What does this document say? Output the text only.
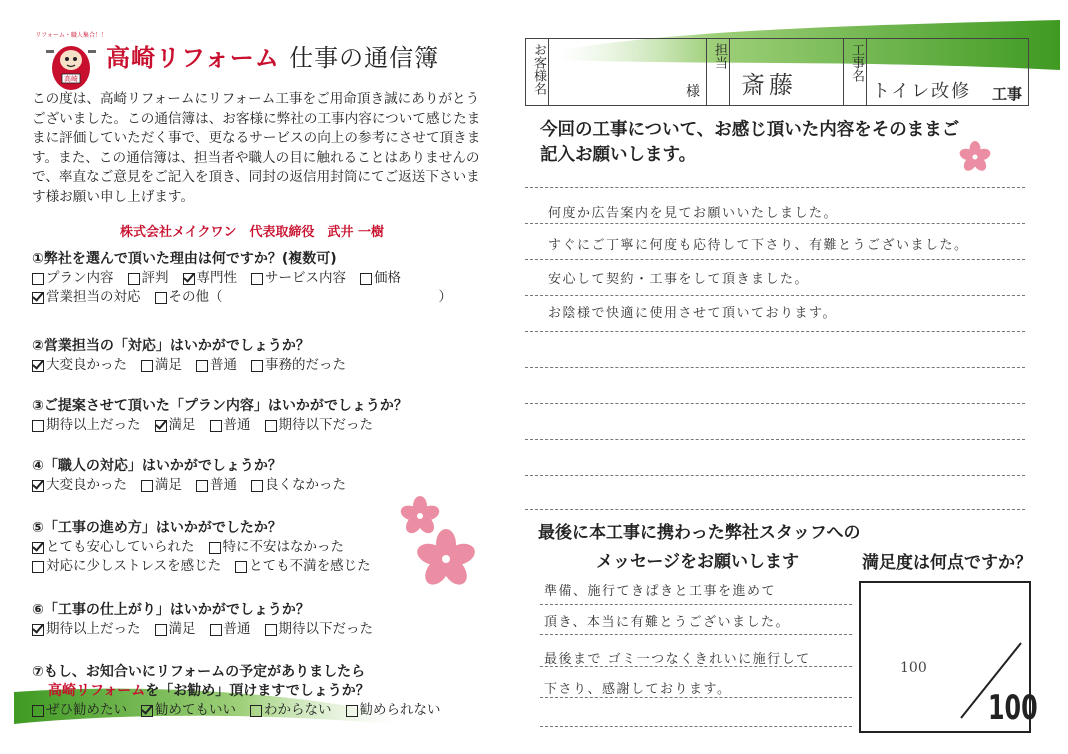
リフォーム・職人集合！！
高崎
高崎リフォーム 仕事の通信簿
この度は、高崎リフォームにリフォーム工事をご用命頂き誠にありがとう
ございました。この通信簿は、お客様に弊社の工事内容について感じたま
まに評価していただく事で、更なるサービスの向上の参考にさせて頂きま
す。また、この通信簿は、担当者や職人の目に触れることはありませんの
で、率直なご意見をご記入を頂き、同封の返信用封筒にてご返送下さいま
す様お願い申し上げます。
株式会社メイクワン　代表取締役　武井 一樹
①弊社を選んで頂いた理由は何ですか？(複数可)
プラン内容 評判 専門性 サービス内容 価格
営業担当の対応 その他（　　　　　　　　　　　　　　　　）
②営業担当の「対応」はいかがでしょうか？
大変良かった 満足 普通 事務的だった
③ご提案させて頂いた「プラン内容」はいかがでしょうか？
期待以上だった 満足 普通 期待以下だった
④「職人の対応」はいかがでしょうか？
大変良かった 満足 普通 良くなかった
⑤「工事の進め方」はいかがでしたか？
とても安心していられた 特に不安はなかった
対応に少しストレスを感じた とても不満を感じた
⑥「工事の仕上がり」はいかがでしょうか？
期待以上だった 満足 普通 期待以下だった
⑦もし、お知合いにリフォームの予定がありましたら
高崎リフォームを「お勧め」頂けますでしょうか？
ぜひ勧めたい 勧めてもいい わからない 勧められない
お客様名	様
担当
斎藤
工事名
トイレ改修 工事
今回の工事について、お感じ頂いた内容をそのままご
記入お願いします。
何度か広告案内を見てお願いいたしました。
すぐにご丁寧に何度も応待して下さり、有難とうございました。
安心して契約・工事をして頂きました。
お陰様で快適に使用させて頂いております。
最後に本工事に携わった弊社スタッフへの
メッセージをお願いします
準備、施行てきぱきと工事を進めて
頂き、本当に有難とうございました。
最後まで ゴミ一つなくきれいに施行して
下さり、感謝しております。
満足度は何点ですか？
100
100
